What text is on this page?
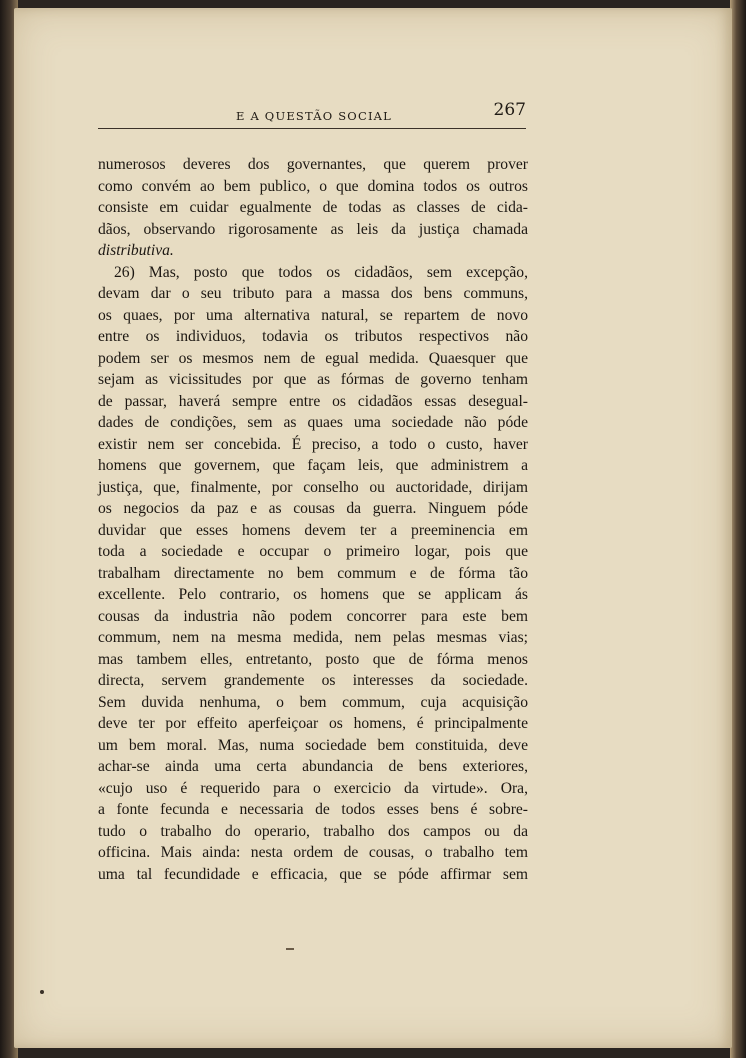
E A QUESTÃO SOCIAL	267
numerosos deveres dos governantes, que querem prover
como convém ao bem publico, o que domina todos os outros
consiste em cuidar egualmente de todas as classes de cida-
dãos, observando rigorosamente as leis da justiça chamada
distributiva.
26) Mas, posto que todos os cidadãos, sem excepção,
devam dar o seu tributo para a massa dos bens communs,
os quaes, por uma alternativa natural, se repartem de novo
entre os individuos, todavia os tributos respectivos não
podem ser os mesmos nem de egual medida. Quaesquer que
sejam as vicissitudes por que as fórmas de governo tenham
de passar, haverá sempre entre os cidadãos essas desegual-
dades de condições, sem as quaes uma sociedade não póde
existir nem ser concebida. É preciso, a todo o custo, haver
homens que governem, que façam leis, que administrem a
justiça, que, finalmente, por conselho ou auctoridade, dirijam
os negocios da paz e as cousas da guerra. Ninguem póde
duvidar que esses homens devem ter a preeminencia em
toda a sociedade e occupar o primeiro logar, pois que
trabalham directamente no bem commum e de fórma tão
excellente. Pelo contrario, os homens que se applicam ás
cousas da industria não podem concorrer para este bem
commum, nem na mesma medida, nem pelas mesmas vias;
mas tambem elles, entretanto, posto que de fórma menos
directa, servem grandemente os interesses da sociedade.
Sem duvida nenhuma, o bem commum, cuja acquisição
deve ter por effeito aperfeiçoar os homens, é principalmente
um bem moral. Mas, numa sociedade bem constituida, deve
achar-se ainda uma certa abundancia de bens exteriores,
«cujo uso é requerido para o exercicio da virtude». Ora,
a fonte fecunda e necessaria de todos esses bens é sobre-
tudo o trabalho do operario, trabalho dos campos ou da
officina. Mais ainda: nesta ordem de cousas, o trabalho tem
uma tal fecundidade e efficacia, que se póde affirmar sem
